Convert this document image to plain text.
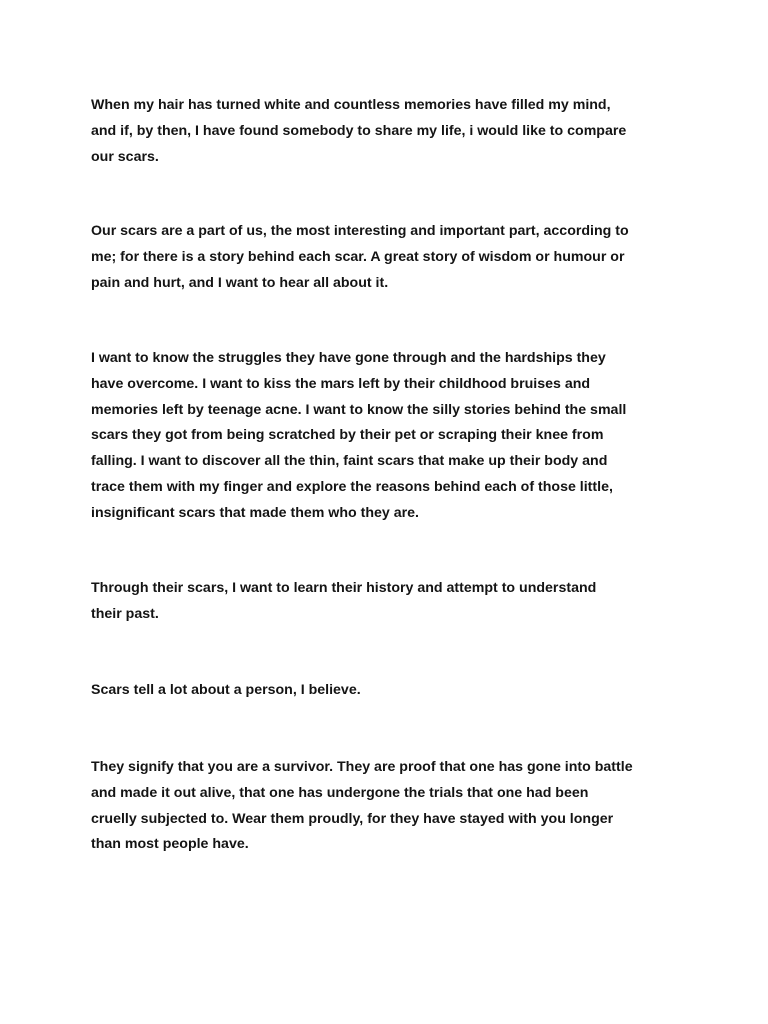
When my hair has turned white and countless memories have filled my mind,
and if, by then, I have found somebody to share my life, i would like to compare
our scars.

Our scars are a part of us, the most interesting and important part, according to
me; for there is a story behind each scar. A great story of wisdom or humour or
pain and hurt, and I want to hear all about it.

I want to know the struggles they have gone through and the hardships they
have overcome. I want to kiss the mars left by their childhood bruises and
memories left by teenage acne. I want to know the silly stories behind the small
scars they got from being scratched by their pet or scraping their knee from
falling. I want to discover all the thin, faint scars that make up their body and
trace them with my finger and explore the reasons behind each of those little,
insignificant scars that made them who they are.

Through their scars, I want to learn their history and attempt to understand
their past.

Scars tell a lot about a person, I believe.

They signify that you are a survivor. They are proof that one has gone into battle
and made it out alive, that one has undergone the trials that one had been
cruelly subjected to. Wear them proudly, for they have stayed with you longer
than most people have.
